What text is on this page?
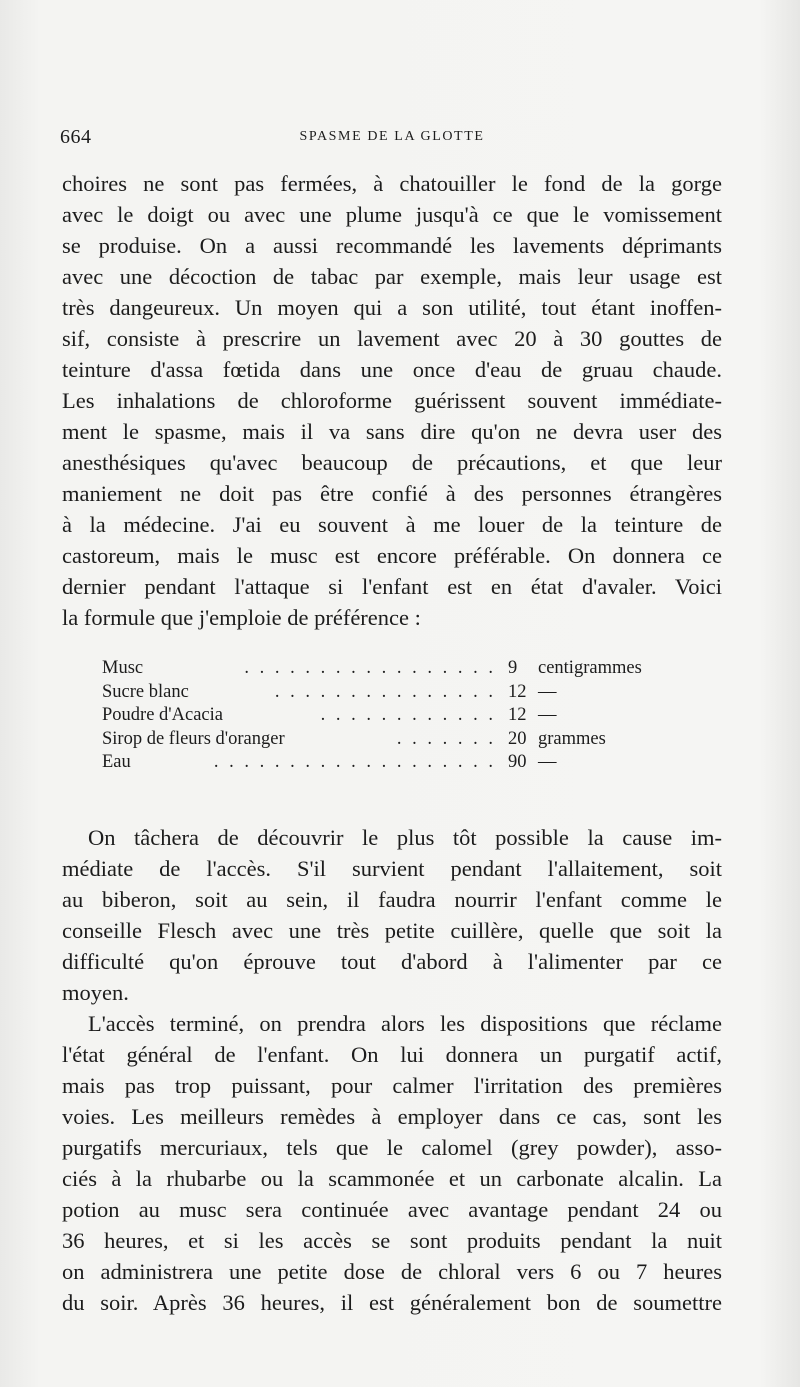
664	SPASME DE LA GLOTTE
choires ne sont pas fermées, à chatouiller le fond de la gorge
avec le doigt ou avec une plume jusqu'à ce que le vomissement
se produise. On a aussi recommandé les lavements déprimants
avec une décoction de tabac par exemple, mais leur usage est
très dangeureux. Un moyen qui a son utilité, tout étant inoffen-
sif, consiste à prescrire un lavement avec 20 à 30 gouttes de
teinture d'assa fœtida dans une once d'eau de gruau chaude.
Les inhalations de chloroforme guérissent souvent immédiate-
ment le spasme, mais il va sans dire qu'on ne devra user des
anesthésiques qu'avec beaucoup de précautions, et que leur
maniement ne doit pas être confié à des personnes étrangères
à la médecine. J'ai eu souvent à me louer de la teinture de
castoreum, mais le musc est encore préférable. On donnera ce
dernier pendant l'attaque si l'enfant est en état d'avaler. Voici
la formule que j'emploie de préférence :
Musc	. . . . . . . . . . . . . . . . . 9 centigrammes
Sucre blanc	. . . . . . . . . . . . . . . 12 —
Poudre d'Acacia	. . . . . . . . . . . . 12 —
Sirop de fleurs d'oranger	. . . . . . . 20 grammes
Eau	. . . . . . . . . . . . . . . . . . . 90 —
On tâchera de découvrir le plus tôt possible la cause im-
médiate de l'accès. S'il survient pendant l'allaitement, soit
au biberon, soit au sein, il faudra nourrir l'enfant comme le
conseille Flesch avec une très petite cuillère, quelle que soit la
difficulté qu'on éprouve tout d'abord à l'alimenter par ce
moyen.
L'accès terminé, on prendra alors les dispositions que réclame
l'état général de l'enfant. On lui donnera un purgatif actif,
mais pas trop puissant, pour calmer l'irritation des premières
voies. Les meilleurs remèdes à employer dans ce cas, sont les
purgatifs mercuriaux, tels que le calomel (grey powder), asso-
ciés à la rhubarbe ou la scammonée et un carbonate alcalin. La
potion au musc sera continuée avec avantage pendant 24 ou
36 heures, et si les accès se sont produits pendant la nuit
on administrera une petite dose de chloral vers 6 ou 7 heures
du soir. Après 36 heures, il est généralement bon de soumettre
